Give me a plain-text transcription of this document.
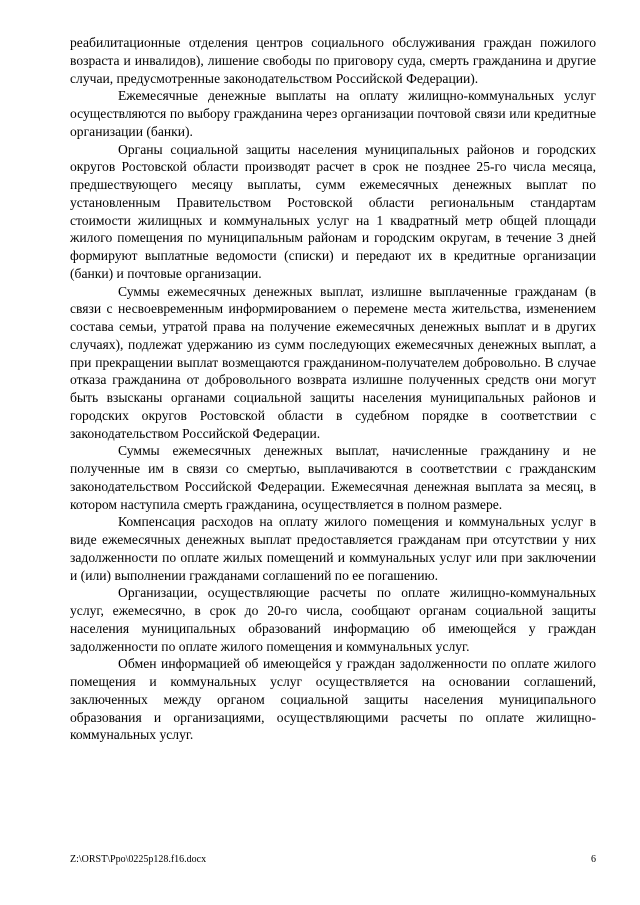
реабилитационные отделения центров социального обслуживания граждан пожилого возраста и инвалидов), лишение свободы по приговору суда, смерть гражданина и другие случаи, предусмотренные законодательством Российской Федерации).

Ежемесячные денежные выплаты на оплату жилищно-коммунальных услуг осуществляются по выбору гражданина через организации почтовой связи или кредитные организации (банки).

Органы социальной защиты населения муниципальных районов и городских округов Ростовской области производят расчет в срок не позднее 25-го числа месяца, предшествующего месяцу выплаты, сумм ежемесячных денежных выплат по установленным Правительством Ростовской области региональным стандартам стоимости жилищных и коммунальных услуг на 1 квадратный метр общей площади жилого помещения по муниципальным районам и городским округам, в течение 3 дней формируют выплатные ведомости (списки) и передают их в кредитные организации (банки) и почтовые организации.

Суммы ежемесячных денежных выплат, излишне выплаченные гражданам (в связи с несвоевременным информированием о перемене места жительства, изменением состава семьи, утратой права на получение ежемесячных денежных выплат и в других случаях), подлежат удержанию из сумм последующих ежемесячных денежных выплат, а при прекращении выплат возмещаются гражданином-получателем добровольно. В случае отказа гражданина от добровольного возврата излишне полученных средств они могут быть взысканы органами социальной защиты населения муниципальных районов и городских округов Ростовской области в судебном порядке в соответствии с законодательством Российской Федерации.

Суммы ежемесячных денежных выплат, начисленные гражданину и не полученные им в связи со смертью, выплачиваются в соответствии с гражданским законодательством Российской Федерации. Ежемесячная денежная выплата за месяц, в котором наступила смерть гражданина, осуществляется в полном размере.

Компенсация расходов на оплату жилого помещения и коммунальных услуг в виде ежемесячных денежных выплат предоставляется гражданам при отсутствии у них задолженности по оплате жилых помещений и коммунальных услуг или при заключении и (или) выполнении гражданами соглашений по ее погашению.

Организации, осуществляющие расчеты по оплате жилищно-коммунальных услуг, ежемесячно, в срок до 20-го числа, сообщают органам социальной защиты населения муниципальных образований информацию об имеющейся у граждан задолженности по оплате жилого помещения и коммунальных услуг.

Обмен информацией об имеющейся у граждан задолженности по оплате жилого помещения и коммунальных услуг осуществляется на основании соглашений, заключенных между органом социальной защиты населения муниципального образования и организациями, осуществляющими расчеты по оплате жилищно-коммунальных услуг.

Z:\ORST\Ppo\0225p128.f16.docx	6
